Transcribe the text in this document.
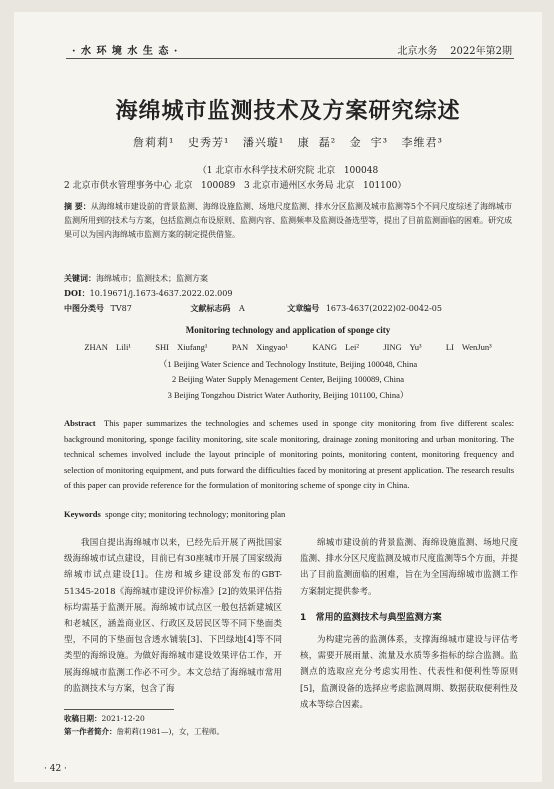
· 水 环 境 水 生 态 ·	北京水务    2022年第2期
海绵城市监测技术及方案研究综述
詹莉莉¹   史秀芳¹   潘兴璇¹   康  磊²   金  宇³   李维君³
（1 北京市水科学技术研究院 北京   100048
2 北京市供水管理事务中心 北京   100089   3 北京市通州区水务局 北京   101100）
摘 要：从海绵城市建设前的背景监测、海绵设施监测、场地尺度监测、排水分区监测及城市监测等5个不同尺度综述了海绵城市监测所用到的技术与方案，包括监测点布设原则、监测内容、监测频率及监测设备选型等，提出了目前监测面临的困难。研究成果可以为国内海绵城市监测方案的制定提供借鉴。
关键词：海绵城市；监测技术；监测方案
DOI：10.19671/j.1673-4637.2022.02.009
中图分类号 TV87	文献标志码 A	文章编号 1673-4637(2022)02-0042-05
Monitoring technology and application of sponge city
ZHAN Lili¹   SHI Xiufang¹   PAN Xingyao¹   KANG Lei²   JING Yu³   LI WenJun³
（1 Beijing Water Science and Technology Institute, Beijing 100048, China
2 Beijing Water Supply Menagement Center, Beijing 100089, China
3 Beijing Tongzhou District Water Authority, Beijing 101100, China）
Abstract This paper summarizes the technologies and schemes used in sponge city monitoring from five different scales: background monitoring, sponge facility monitoring, site scale monitoring, drainage zoning monitoring and urban monitoring. The technical schemes involved include the layout principle of monitoring points, monitoring content, monitoring frequency and selection of monitoring equipment, and puts forward the difficulties faced by monitoring at present application. The research results of this paper can provide reference for the formulation of monitoring scheme of sponge city in China.
Keywords sponge city; monitoring technology; monitoring plan
我国自提出海绵城市以来，已经先后开展了两批国家级海绵城市试点建设，目前已有30座城市开展了国家级海绵城市试点建设[1]。住房和城乡建设部发布的GBT-51345-2018《海绵城市建设评价标准》[2]的效果评估指标均需基于监测开展。海绵城市试点区一般包括新建城区和老城区，涵盖商业区、行政区及居民区等不同下垫面类型，不同的下垫面包含透水铺装[3]、下凹绿地[4]等不同类型的海绵设施。为做好海绵城市建设效果评估工作，开展海绵城市监测工作必不可少。本文总结了海绵城市常用的监测技术与方案，包含了海
绵城市建设前的背景监测、海绵设施监测、场地尺度监测、排水分区尺度监测及城市尺度监测等5个方面，并提出了目前监测面临的困难，旨在为全国海绵城市监测工作方案制定提供参考。
1   常用的监测技术与典型监测方案
为构建完善的监测体系，支撑海绵城市建设与评估考核，需要开展雨量、流量及水质等多指标的综合监测。监测点的选取应充分考虑实用性、代表性和便利性等原则[5]，监测设备的选择应考虑监测周期、数据获取便利性及成本等综合因素。
收稿日期：2021-12-20
第一作者简介：詹莉莉(1981—)，女，工程师。
· 42 ·
